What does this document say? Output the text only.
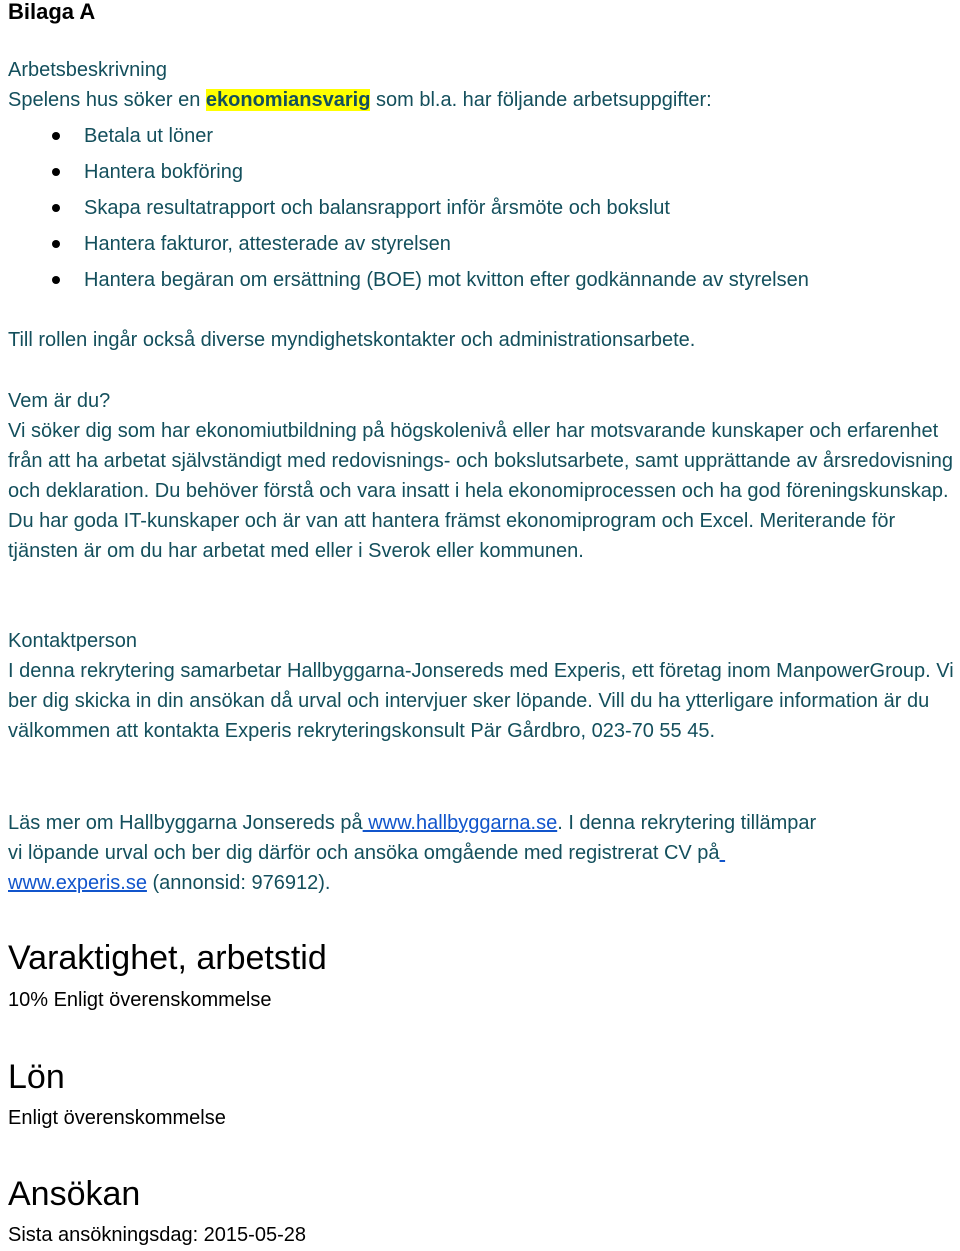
Bilaga A
Arbetsbeskrivning

Spelens hus söker en ekonomiansvarig som bl.a. har följande arbetsuppgifter:

Betala ut löner
Hantera bokföring
Skapa resultatrapport och balansrapport inför årsmöte och bokslut
Hantera fakturor, attesterade av styrelsen
Hantera begäran om ersättning (BOE) mot kvitton efter godkännande av styrelsen

Till rollen ingår också diverse myndighetskontakter och administrationsarbete.

Vem är du?

Vi söker dig som har ekonomiutbildning på högskolenivå eller har motsvarande kunskaper och erfarenhet från att ha arbetat självständigt med redovisnings- och bokslutsarbete, samt upprättande av årsredovisning och deklaration. Du behöver förstå och vara insatt i hela ekonomiprocessen och ha god föreningskunskap. Du har goda IT-kunskaper och är van att hantera främst ekonomiprogram och Excel. Meriterande för tjänsten är om du har arbetat med eller i Sverok eller kommunen.

Kontaktperson

I denna rekrytering samarbetar Hallbyggarna-Jonsereds med Experis, ett företag inom ManpowerGroup. Vi ber dig skicka in din ansökan då urval och intervjuer sker löpande. Vill du ha ytterligare information är du välkommen att kontakta Experis rekryteringskonsult Pär Gårdbro, 023-70 55 45.

Läs mer om Hallbyggarna Jonsereds på www.hallbyggarna.se. I denna rekrytering tillämpar

vi löpande urval och ber dig därför och ansöka omgående med registrerat CV på

www.experis.se (annonsid: 976912).

Varaktighet, arbetstid

10% Enligt överenskommelse

Lön

Enligt överenskommelse

Ansökan

Sista ansökningsdag: 2015-05-28
